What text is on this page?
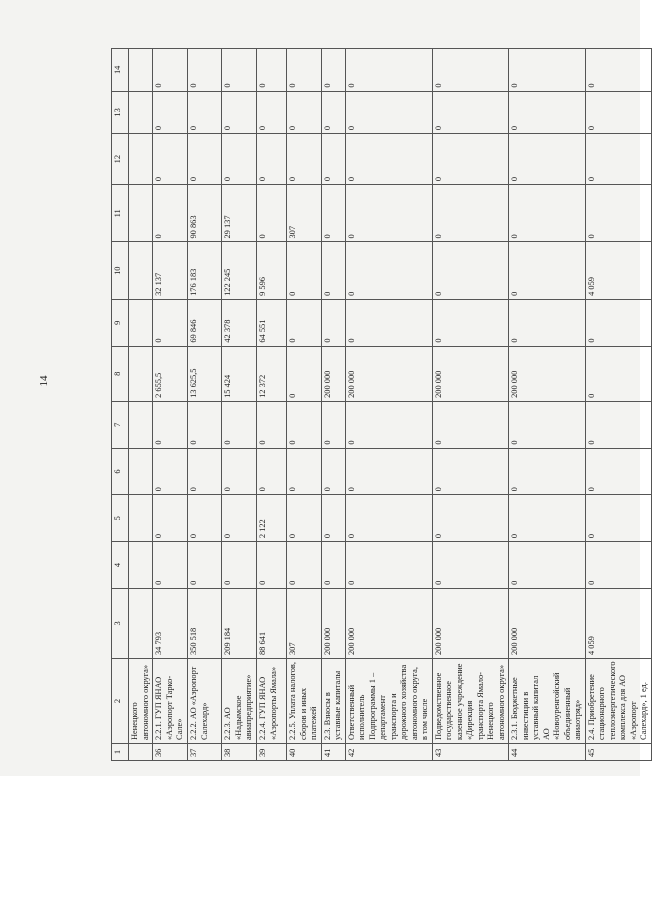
14
1	2	3	4	5	6	7	8	9	10	11	12	13	14
	Ненецкого автономного округа»												
36	2.2.1. ГУП ЯНАО «Аэропорт Тарко-Сале»	34 793	0	0	0	0	2 655,5	0	32 137	0	0	0	0
37	2.2.2. АО «Аэропорт Салехард»	350 518	0	0	0	0	13 625,5	69 846	176 183	90 863	0	0	0
38	2.2.3. АО «Надымское авиапредприятие»	209 184	0	0	0	0	15 424	42 378	122 245	29 137	0	0	0
39	2.2.4. ГУП ЯНАО «Аэропорты Ямала»	88 641	0	2 122	0	0	12 372	64 551	9 596	0	0	0	0
40	2.2.5. Уплата налогов, сборов и иных платежей	307	0	0	0	0	0	0	0	307	0	0	0
41	2.3. Взносы в уставные капиталы	200 000	0	0	0	0	200 000	0	0	0	0	0	0
42	Ответственный исполнитель Подпрограммы 1 – департамент транспорта и дорожного хозяйства автономного округа, в том числе	200 000	0	0	0	0	200 000	0	0	0	0	0	0
43	Подведомственное государственное казенное учреждение «Дирекция транспорта Ямало-Ненецкого автономного округа»	200 000	0	0	0	0	200 000	0	0	0	0	0	0
44	2.3.1. Бюджетные инвестиции в уставный капитал АО «Новоуренгойский объединенный авиаотряд»	200 000	0	0	0	0	200 000	0	0	0	0	0	0
45	2.4. Приобретение стационарного теплоэнергетического комплекса для АО «Аэропорт Салехард», 1 ед.	4 059	0	0	0	0	0	0	4 059	0	0	0	0
